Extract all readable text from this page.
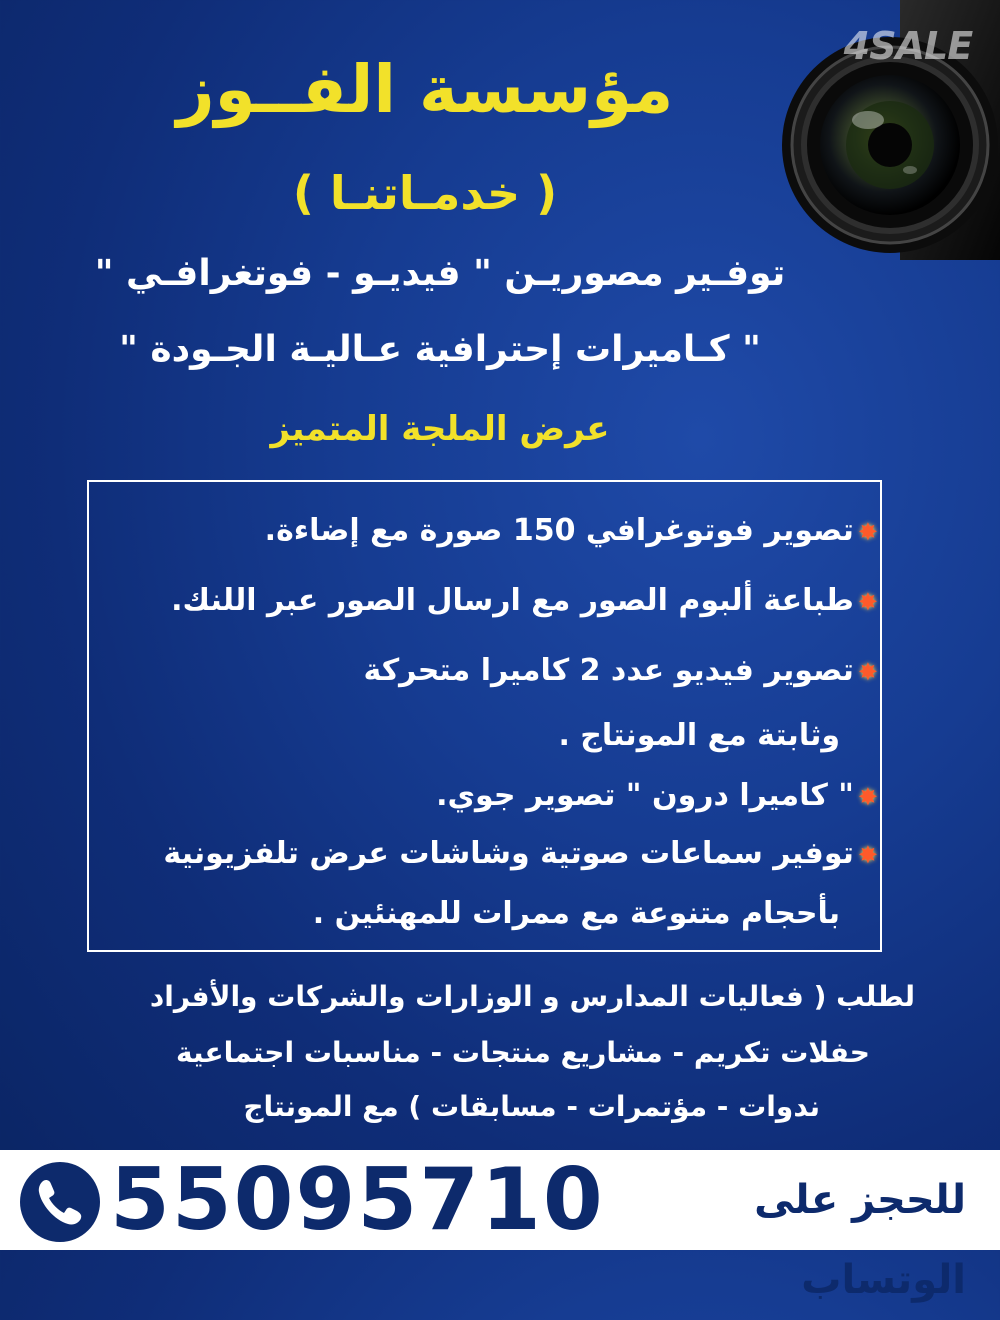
4SALE
مؤسسة الفــوز
( خدمـاتنـا )
توفـير مصوريـن " فيديـو - فوتغرافـي "
" كـاميرات إحترافية عـاليـة الجـودة "
عرض الملجة المتميز
✸تصوير فوتوغرافي 150 صورة مع إضاءة.
✸طباعة ألبوم الصور مع ارسال الصور عبر اللنك.
✸تصوير فيديو عدد 2 كاميرا متحركة
وثابتة مع المونتاج .
✸" كاميرا درون " تصوير جوي.
✸توفير سماعات صوتية وشاشات عرض تلفزيونية
بأحجام متنوعة مع ممرات للمهنئين .
لطلب ( فعاليات المدارس و الوزارات والشركات والأفراد
حفلات تكريم - مشاريع منتجات - مناسبات اجتماعية
ندوات - مؤتمرات - مسابقات ) مع المونتاج
للحجز على الوتساب
55095710
